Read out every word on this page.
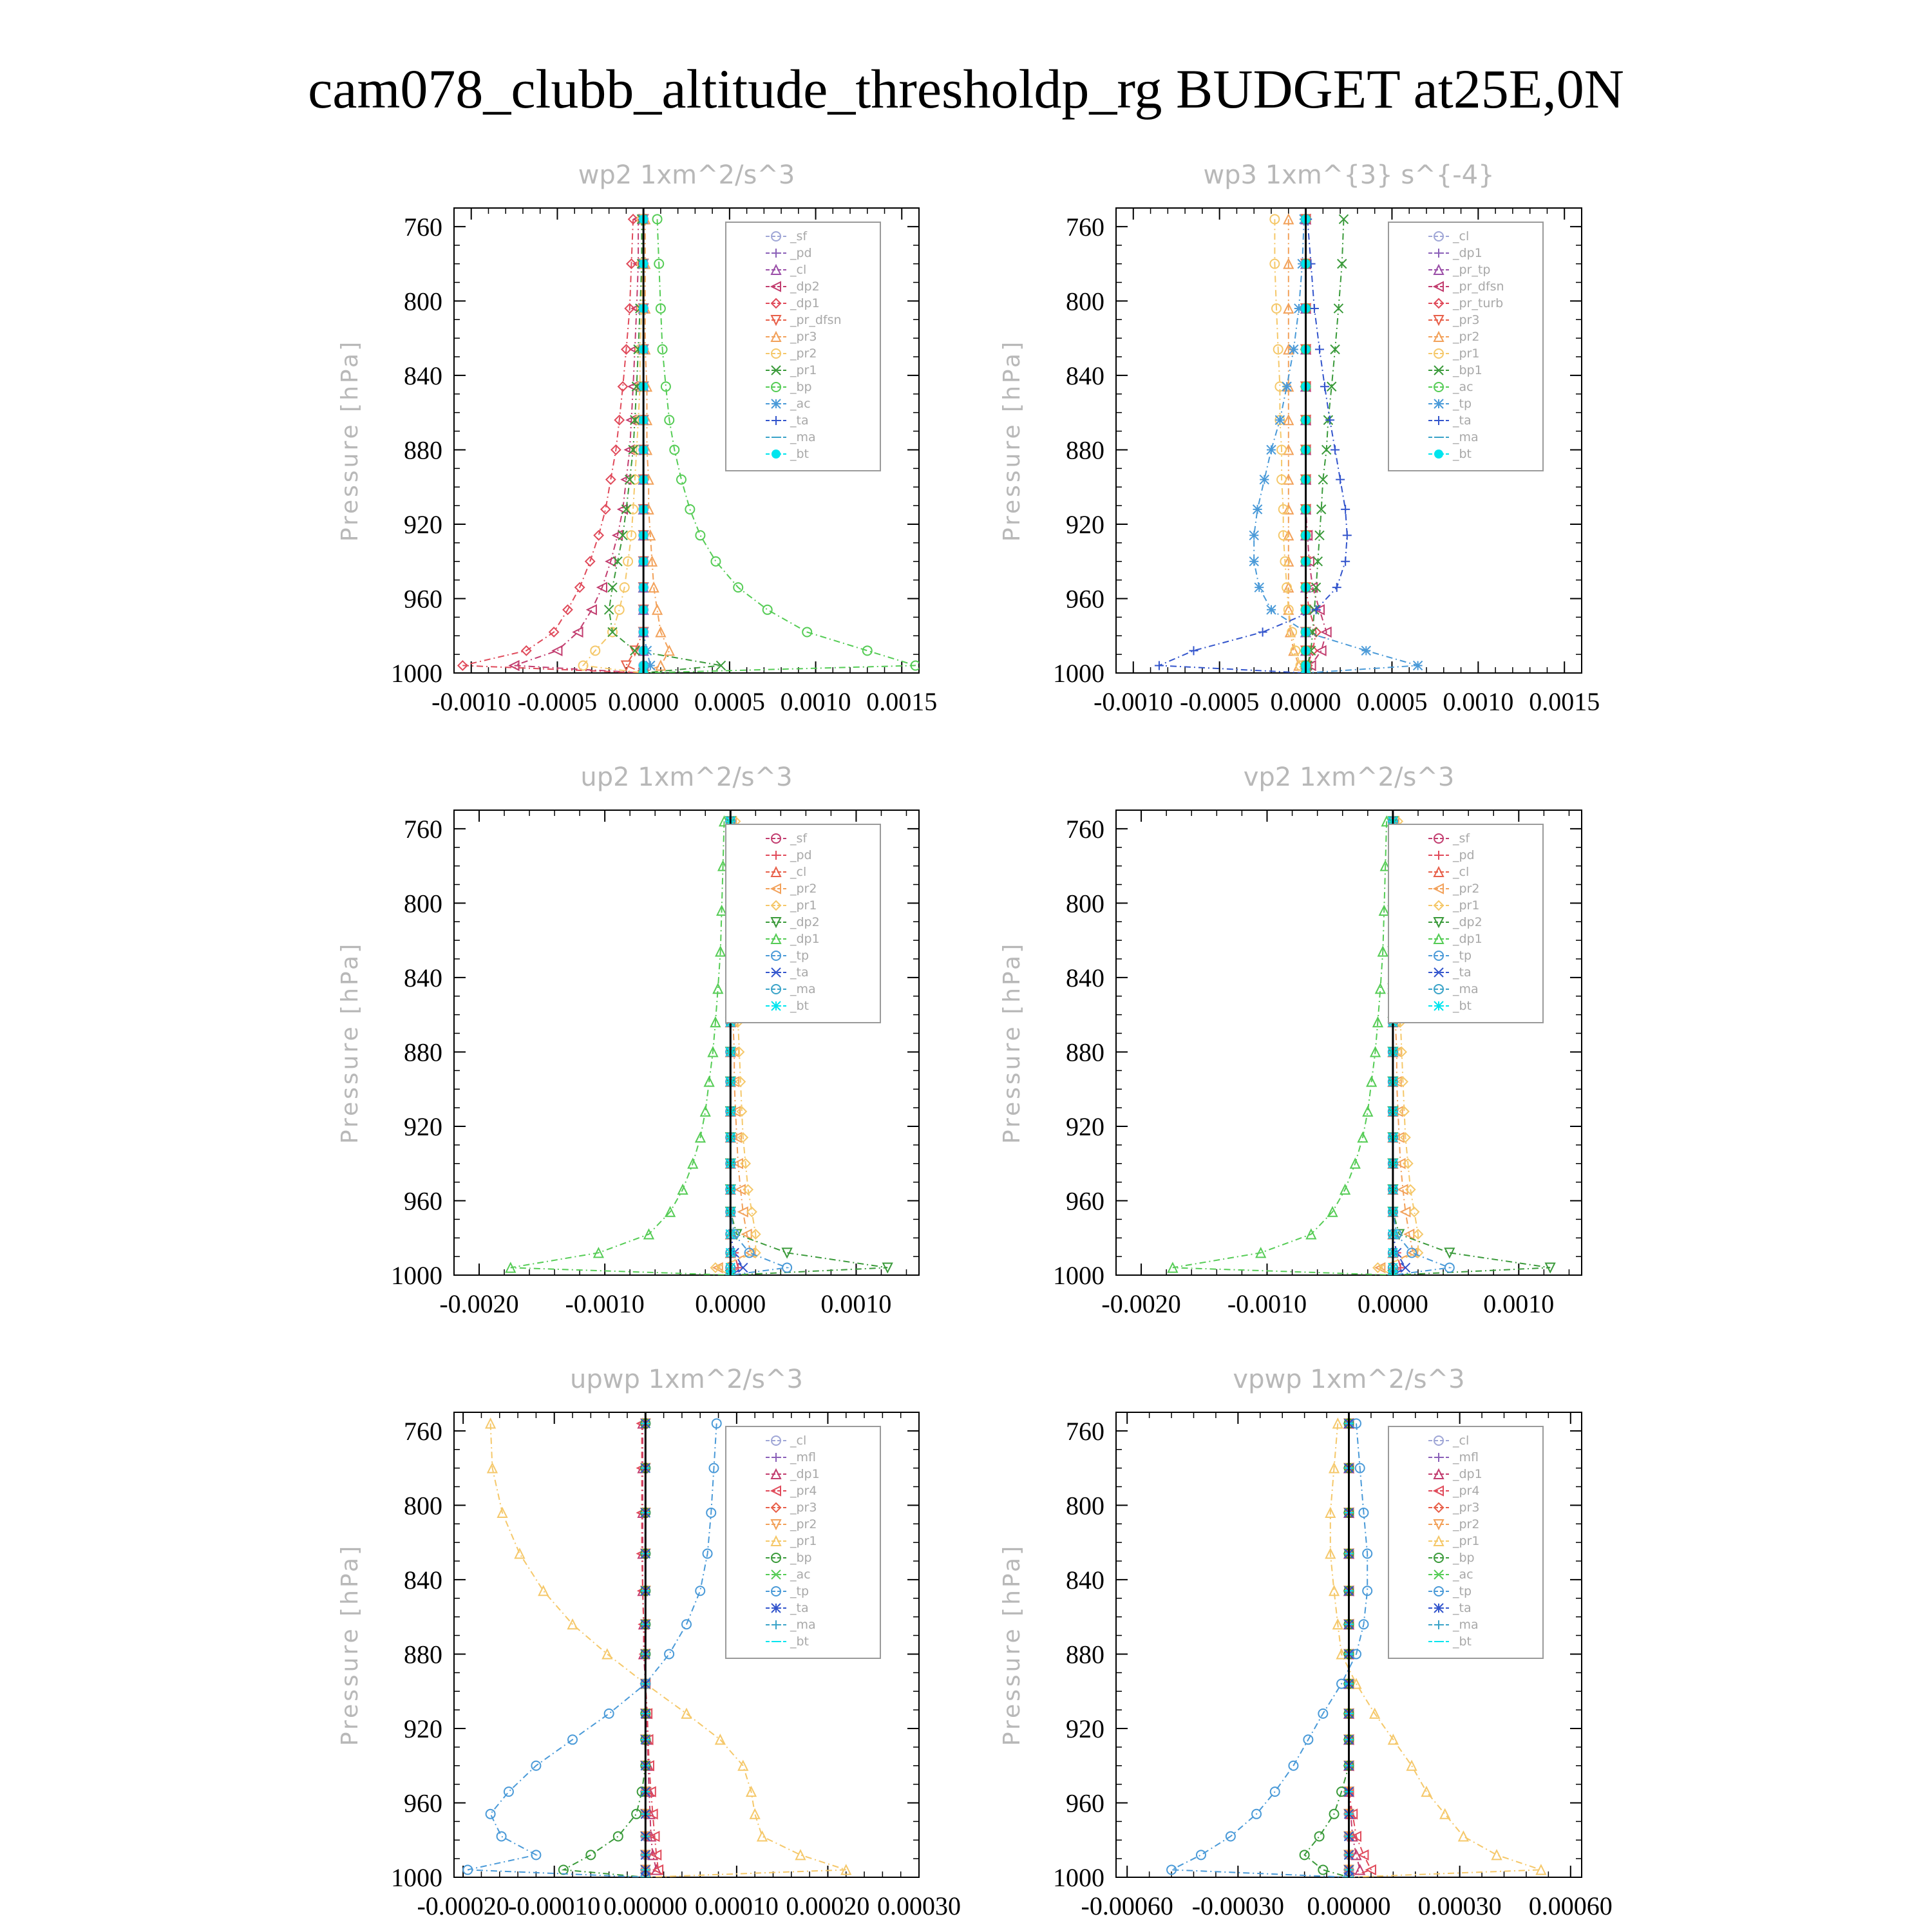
cam078_clubb_altitude_thresholdp_rg BUDGET at25E,0N
wp2 1xm^2/s^3
Pressure [hPa]
760
800
840
880
920
960
1000
-0.0010 -0.0005 0.0000 0.0005 0.0010 0.0015
_sf
_pd
_cl
_dp2
_dp1
_pr_dfsn
_pr3
_pr2
_pr1
_bp
_ac
_ta
_ma
_bt
wp3 1xm^{3} s^{-4}
Pressure [hPa]
760
800
840
880
920
960
1000
-0.0010 -0.0005 0.0000 0.0005 0.0010 0.0015
_cl
_dp1
_pr_tp
_pr_dfsn
_pr_turb
_pr3
_pr2
_pr1
_bp1
_ac
_tp
_ta
_ma
_bt
up2 1xm^2/s^3
Pressure [hPa]
760
800
840
880
920
960
1000
-0.0020 -0.0010 0.0000 0.0010
_sf
_pd
_cl
_pr2
_pr1
_dp2
_dp1
_tp
_ta
_ma
_bt
vp2 1xm^2/s^3
Pressure [hPa]
760
800
840
880
920
960
1000
-0.0020 -0.0010 0.0000 0.0010
_sf
_pd
_cl
_pr2
_pr1
_dp2
_dp1
_tp
_ta
_ma
_bt
upwp 1xm^2/s^3
Pressure [hPa]
760
800
840
880
920
960
1000
-0.00020
-0.00010 0.00000 0.00010 0.00020 0.00030
_cl
_mfl
_dp1
_pr4
_pr3
_pr2
_pr1
_bp
_ac
_tp
_ta
_ma
_bt
vpwp 1xm^2/s^3
Pressure [hPa]
760
800
840
880
920
960
1000
-0.00060 -0.00030 0.00000 0.00030 0.00060
_cl
_mfl
_dp1
_pr4
_pr3
_pr2
_pr1
_bp
_ac
_tp
_ta
_ma
_bt
